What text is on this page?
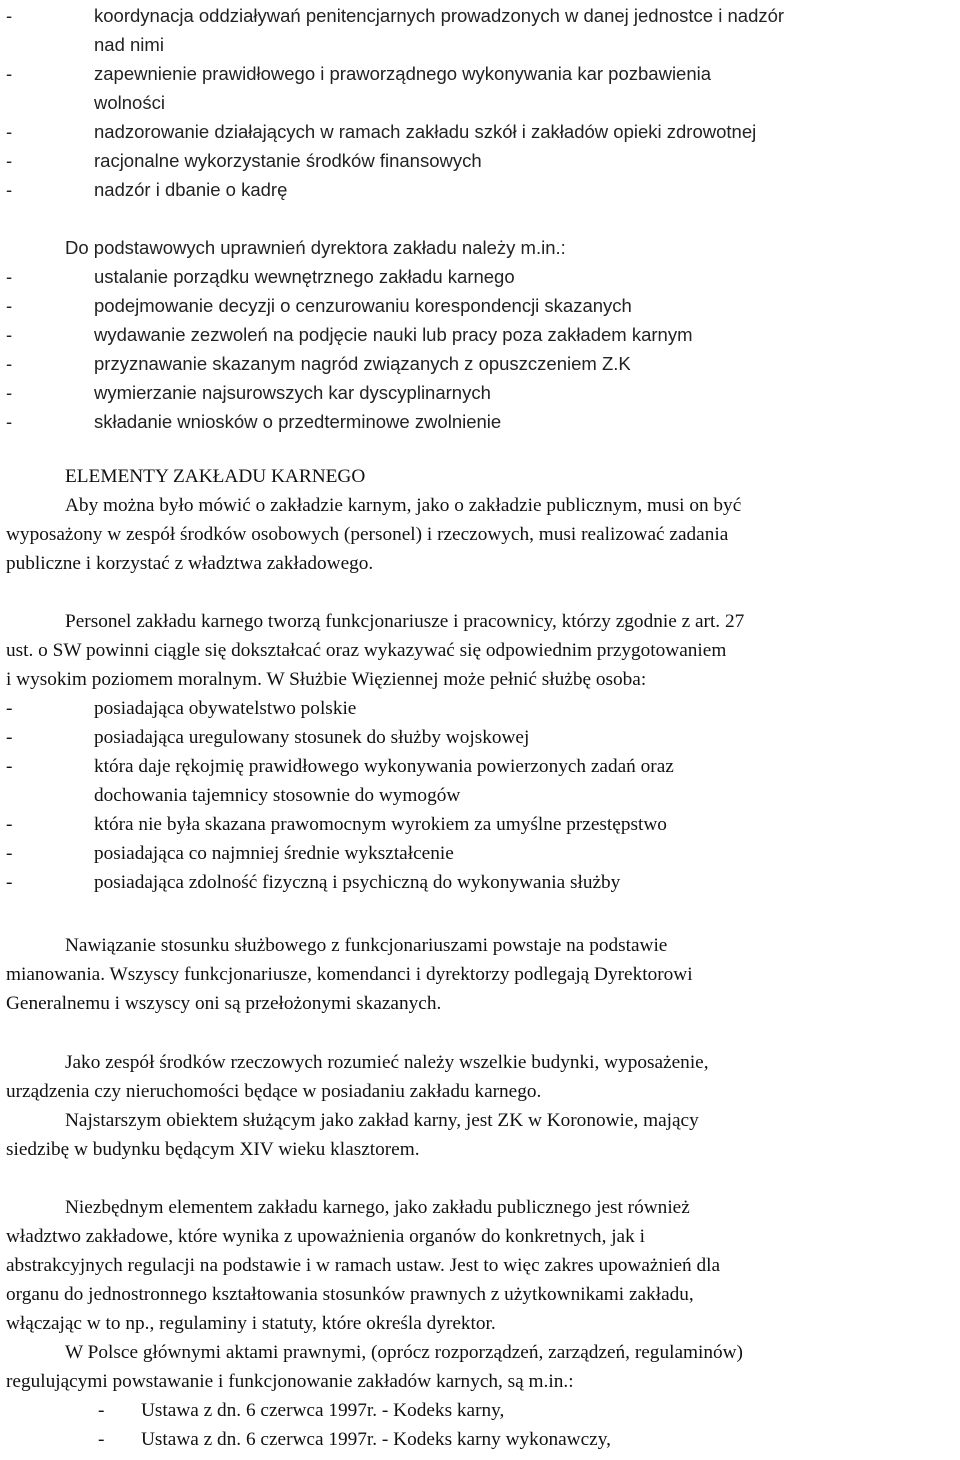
-	koordynacja oddziaływań penitencjarnych prowadzonych w danej jednostce i nadzór
nad nimi
-	zapewnienie prawidłowego i praworządnego wykonywania kar pozbawienia
wolności
-	nadzorowanie działających w ramach zakładu szkół i zakładów opieki zdrowotnej
-	racjonalne wykorzystanie środków finansowych
-	nadzór i dbanie o kadrę
Do podstawowych uprawnień dyrektora zakładu należy m.in.:
-	ustalanie porządku wewnętrznego zakładu karnego
-	podejmowanie decyzji o cenzurowaniu korespondencji skazanych
-	wydawanie zezwoleń na podjęcie nauki lub pracy poza zakładem karnym
-	przyznawanie skazanym nagród związanych z opuszczeniem Z.K
-	wymierzanie najsurowszych kar dyscyplinarnych
-	składanie wniosków o przedterminowe zwolnienie
ELEMENTY ZAKŁADU KARNEGO
Aby można było mówić o zakładzie karnym, jako o zakładzie publicznym, musi on być
wyposażony w zespół środków osobowych (personel) i rzeczowych, musi realizować zadania
publiczne i korzystać z władztwa zakładowego.
Personel zakładu karnego tworzą funkcjonariusze i pracownicy, którzy zgodnie z art. 27
ust. o SW powinni ciągle się dokształcać oraz wykazywać się odpowiednim przygotowaniem
i wysokim poziomem moralnym. W Służbie Więziennej może pełnić służbę osoba:
-	posiadająca obywatelstwo polskie
-	posiadająca uregulowany stosunek do służby wojskowej
-	która daje rękojmię prawidłowego wykonywania powierzonych zadań oraz
dochowania tajemnicy stosownie do wymogów
-	która nie była skazana prawomocnym wyrokiem za umyślne przestępstwo
-	posiadająca co najmniej średnie wykształcenie
-	posiadająca zdolność fizyczną i psychiczną do wykonywania służby
Nawiązanie stosunku służbowego z funkcjonariuszami powstaje na podstawie
mianowania. Wszyscy funkcjonariusze, komendanci i dyrektorzy podlegają Dyrektorowi
Generalnemu i wszyscy oni są przełożonymi skazanych.
Jako zespół środków rzeczowych rozumieć należy wszelkie budynki, wyposażenie,
urządzenia czy nieruchomości będące w posiadaniu zakładu karnego.
Najstarszym obiektem służącym jako zakład karny, jest ZK w Koronowie, mający
siedzibę w budynku będącym XIV wieku klasztorem.
Niezbędnym elementem zakładu karnego, jako zakładu publicznego jest również
władztwo zakładowe, które wynika z upoważnienia organów do konkretnych, jak i
abstrakcyjnych regulacji na podstawie i w ramach ustaw. Jest to więc zakres upoważnień dla
organu do jednostronnego kształtowania stosunków prawnych z użytkownikami zakładu,
włączając w to np., regulaminy i statuty, które określa dyrektor.
W Polsce głównymi aktami prawnymi, (oprócz rozporządzeń, zarządzeń, regulaminów)
regulującymi powstawanie i funkcjonowanie zakładów karnych, są m.in.:
- Ustawa z dn. 6 czerwca 1997r. - Kodeks karny,
- Ustawa z dn. 6 czerwca 1997r. - Kodeks karny wykonawczy,
